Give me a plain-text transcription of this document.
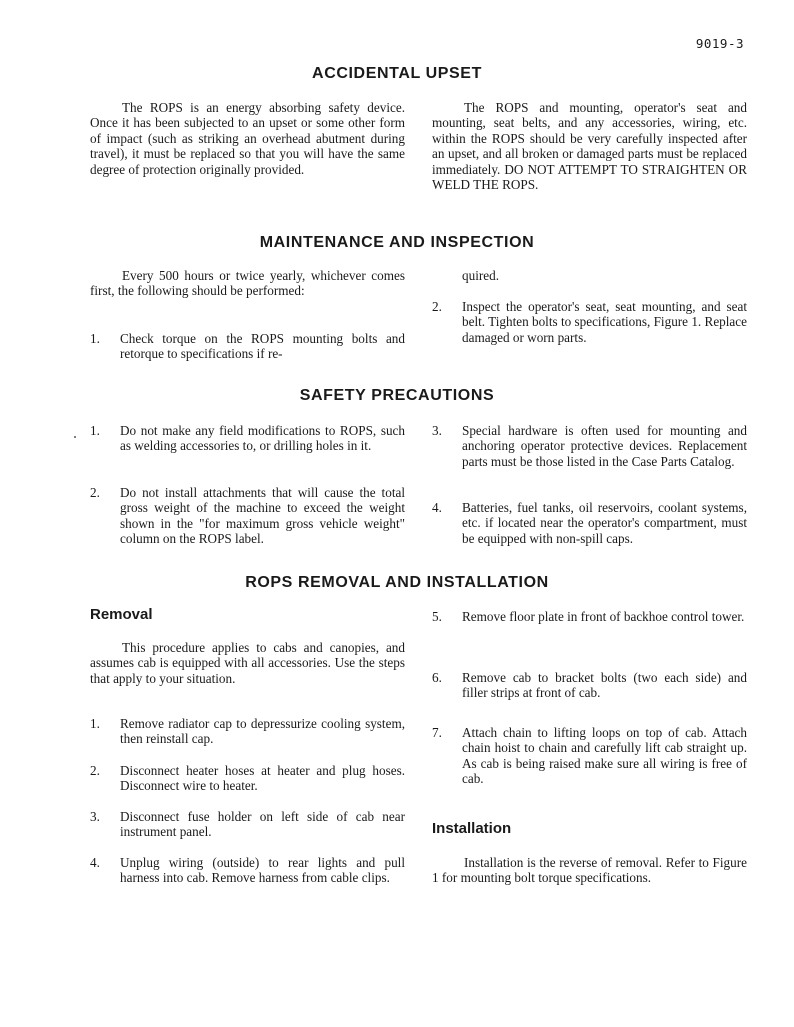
9019-3
ACCIDENTAL UPSET
The ROPS is an energy absorbing safety device. Once it has been subjected to an upset or some other form of impact (such as striking an overhead abutment during travel), it must be replaced so that you will have the same degree of protection originally provided.
The ROPS and mounting, operator's seat and mounting, seat belts, and any accessories, wiring, etc. within the ROPS should be very carefully inspected after an upset, and all broken or damaged parts must be replaced immediately. DO NOT ATTEMPT TO STRAIGHTEN OR WELD THE ROPS.
MAINTENANCE AND INSPECTION
Every 500 hours or twice yearly, whichever comes first, the following should be performed:
1. Check torque on the ROPS mounting bolts and retorque to specifications if re-
quired.
2. Inspect the operator's seat, seat mounting, and seat belt. Tighten bolts to specifications, Figure 1. Replace damaged or worn parts.
SAFETY PRECAUTIONS
1. Do not make any field modifications to ROPS, such as welding accessories to, or drilling holes in it.
2. Do not install attachments that will cause the total gross weight of the machine to exceed the weight shown in the "for maximum gross vehicle weight" column on the ROPS label.
3. Special hardware is often used for mounting and anchoring operator protective devices. Replacement parts must be those listed in the Case Parts Catalog.
4. Batteries, fuel tanks, oil reservoirs, coolant systems, etc. if located near the operator's compartment, must be equipped with non-spill caps.
ROPS REMOVAL AND INSTALLATION
Removal
This procedure applies to cabs and canopies, and assumes cab is equipped with all accessories. Use the steps that apply to your situation.
1. Remove radiator cap to depressurize cooling system, then reinstall cap.
2. Disconnect heater hoses at heater and plug hoses. Disconnect wire to heater.
3. Disconnect fuse holder on left side of cab near instrument panel.
4. Unplug wiring (outside) to rear lights and pull harness into cab. Remove harness from cable clips.
5. Remove floor plate in front of backhoe control tower.
6. Remove cab to bracket bolts (two each side) and filler strips at front of cab.
7. Attach chain to lifting loops on top of cab. Attach chain hoist to chain and carefully lift cab straight up. As cab is being raised make sure all wiring is free of cab.
Installation
Installation is the reverse of removal. Refer to Figure 1 for mounting bolt torque specifications.
